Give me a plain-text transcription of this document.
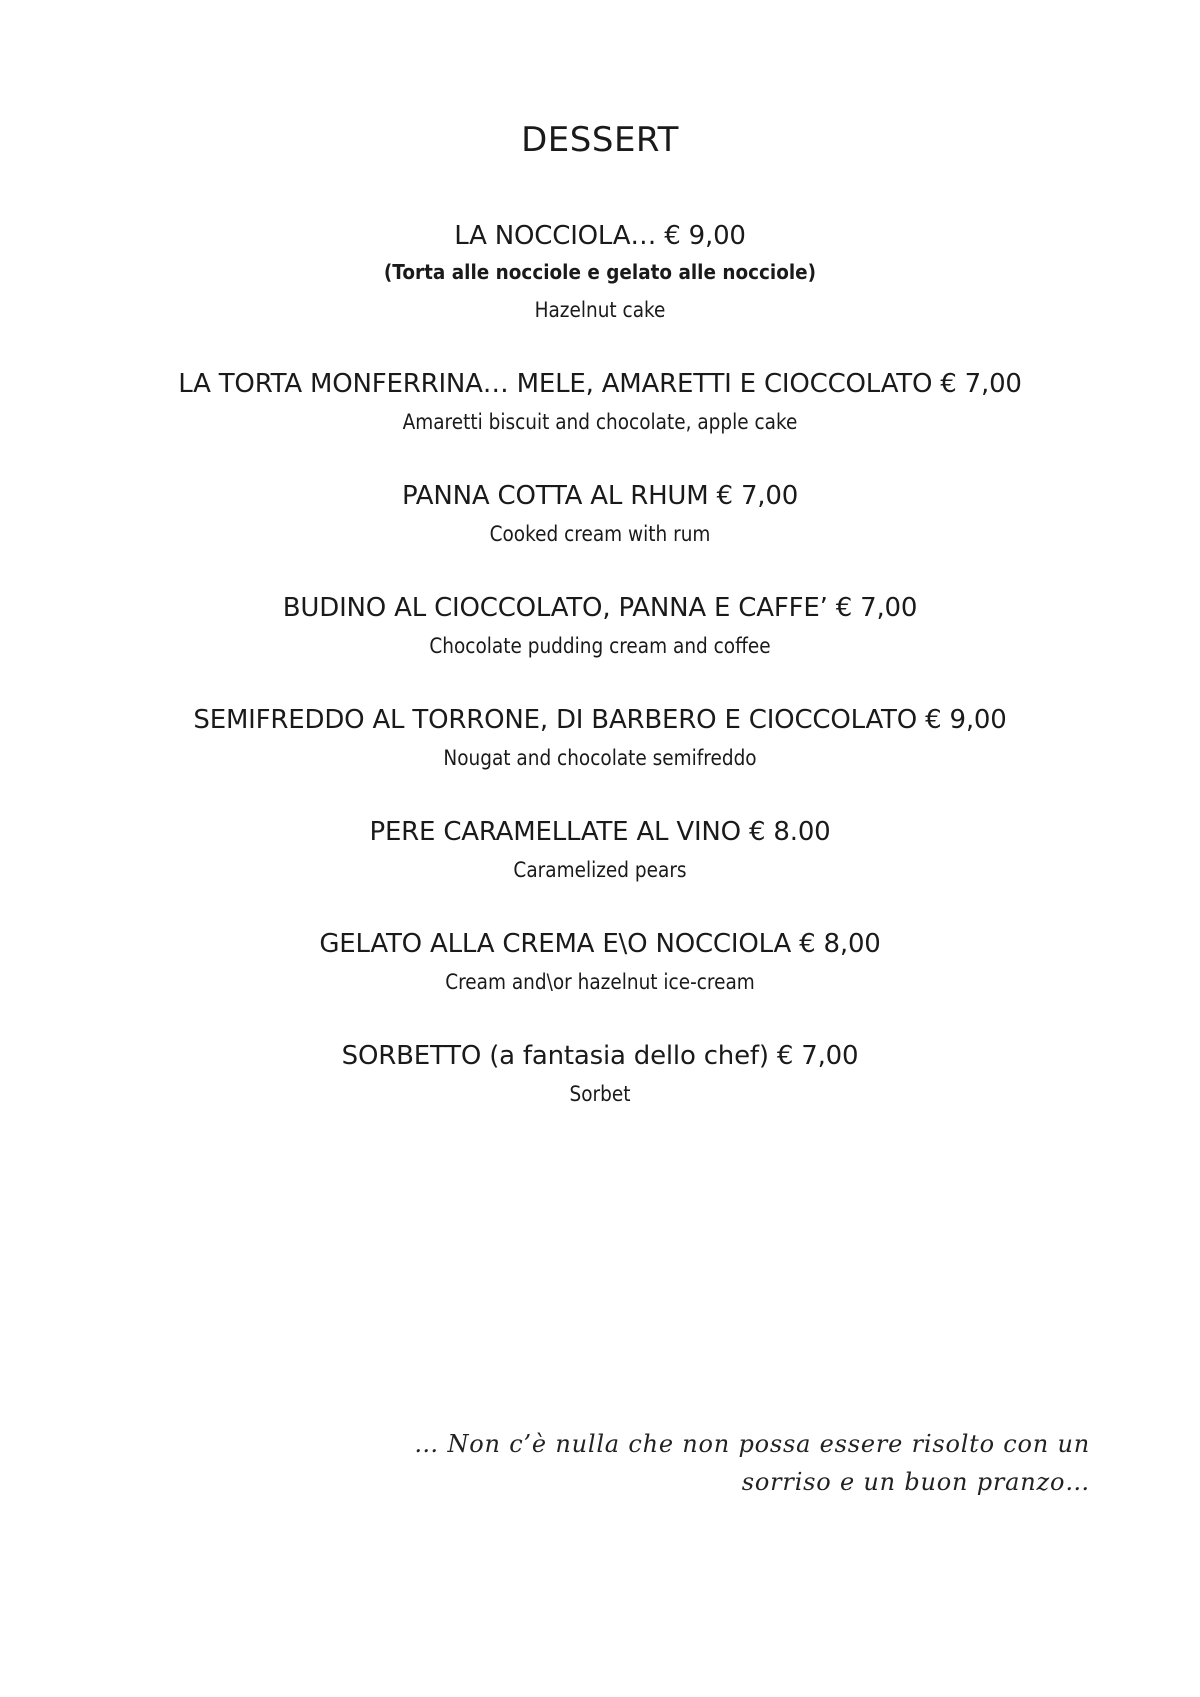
DESSERT
LA NOCCIOLA… € 9,00
(Torta alle nocciole e gelato alle nocciole)
Hazelnut cake
LA TORTA MONFERRINA… MELE, AMARETTI E CIOCCOLATO € 7,00
Amaretti biscuit and chocolate, apple cake
PANNA COTTA AL RHUM € 7,00
Cooked cream with rum
BUDINO AL CIOCCOLATO, PANNA E CAFFE’ € 7,00
Chocolate pudding cream and coffee
SEMIFREDDO AL TORRONE, DI BARBERO E CIOCCOLATO € 9,00
Nougat and chocolate semifreddo
PERE CARAMELLATE AL VINO € 8.00
Caramelized pears
GELATO ALLA CREMA E\O NOCCIOLA € 8,00
Cream and\or hazelnut ice-cream
SORBETTO (a fantasia dello chef) € 7,00
Sorbet
… Non c’è nulla che non possa essere risolto con un
sorriso e un buon pranzo…
